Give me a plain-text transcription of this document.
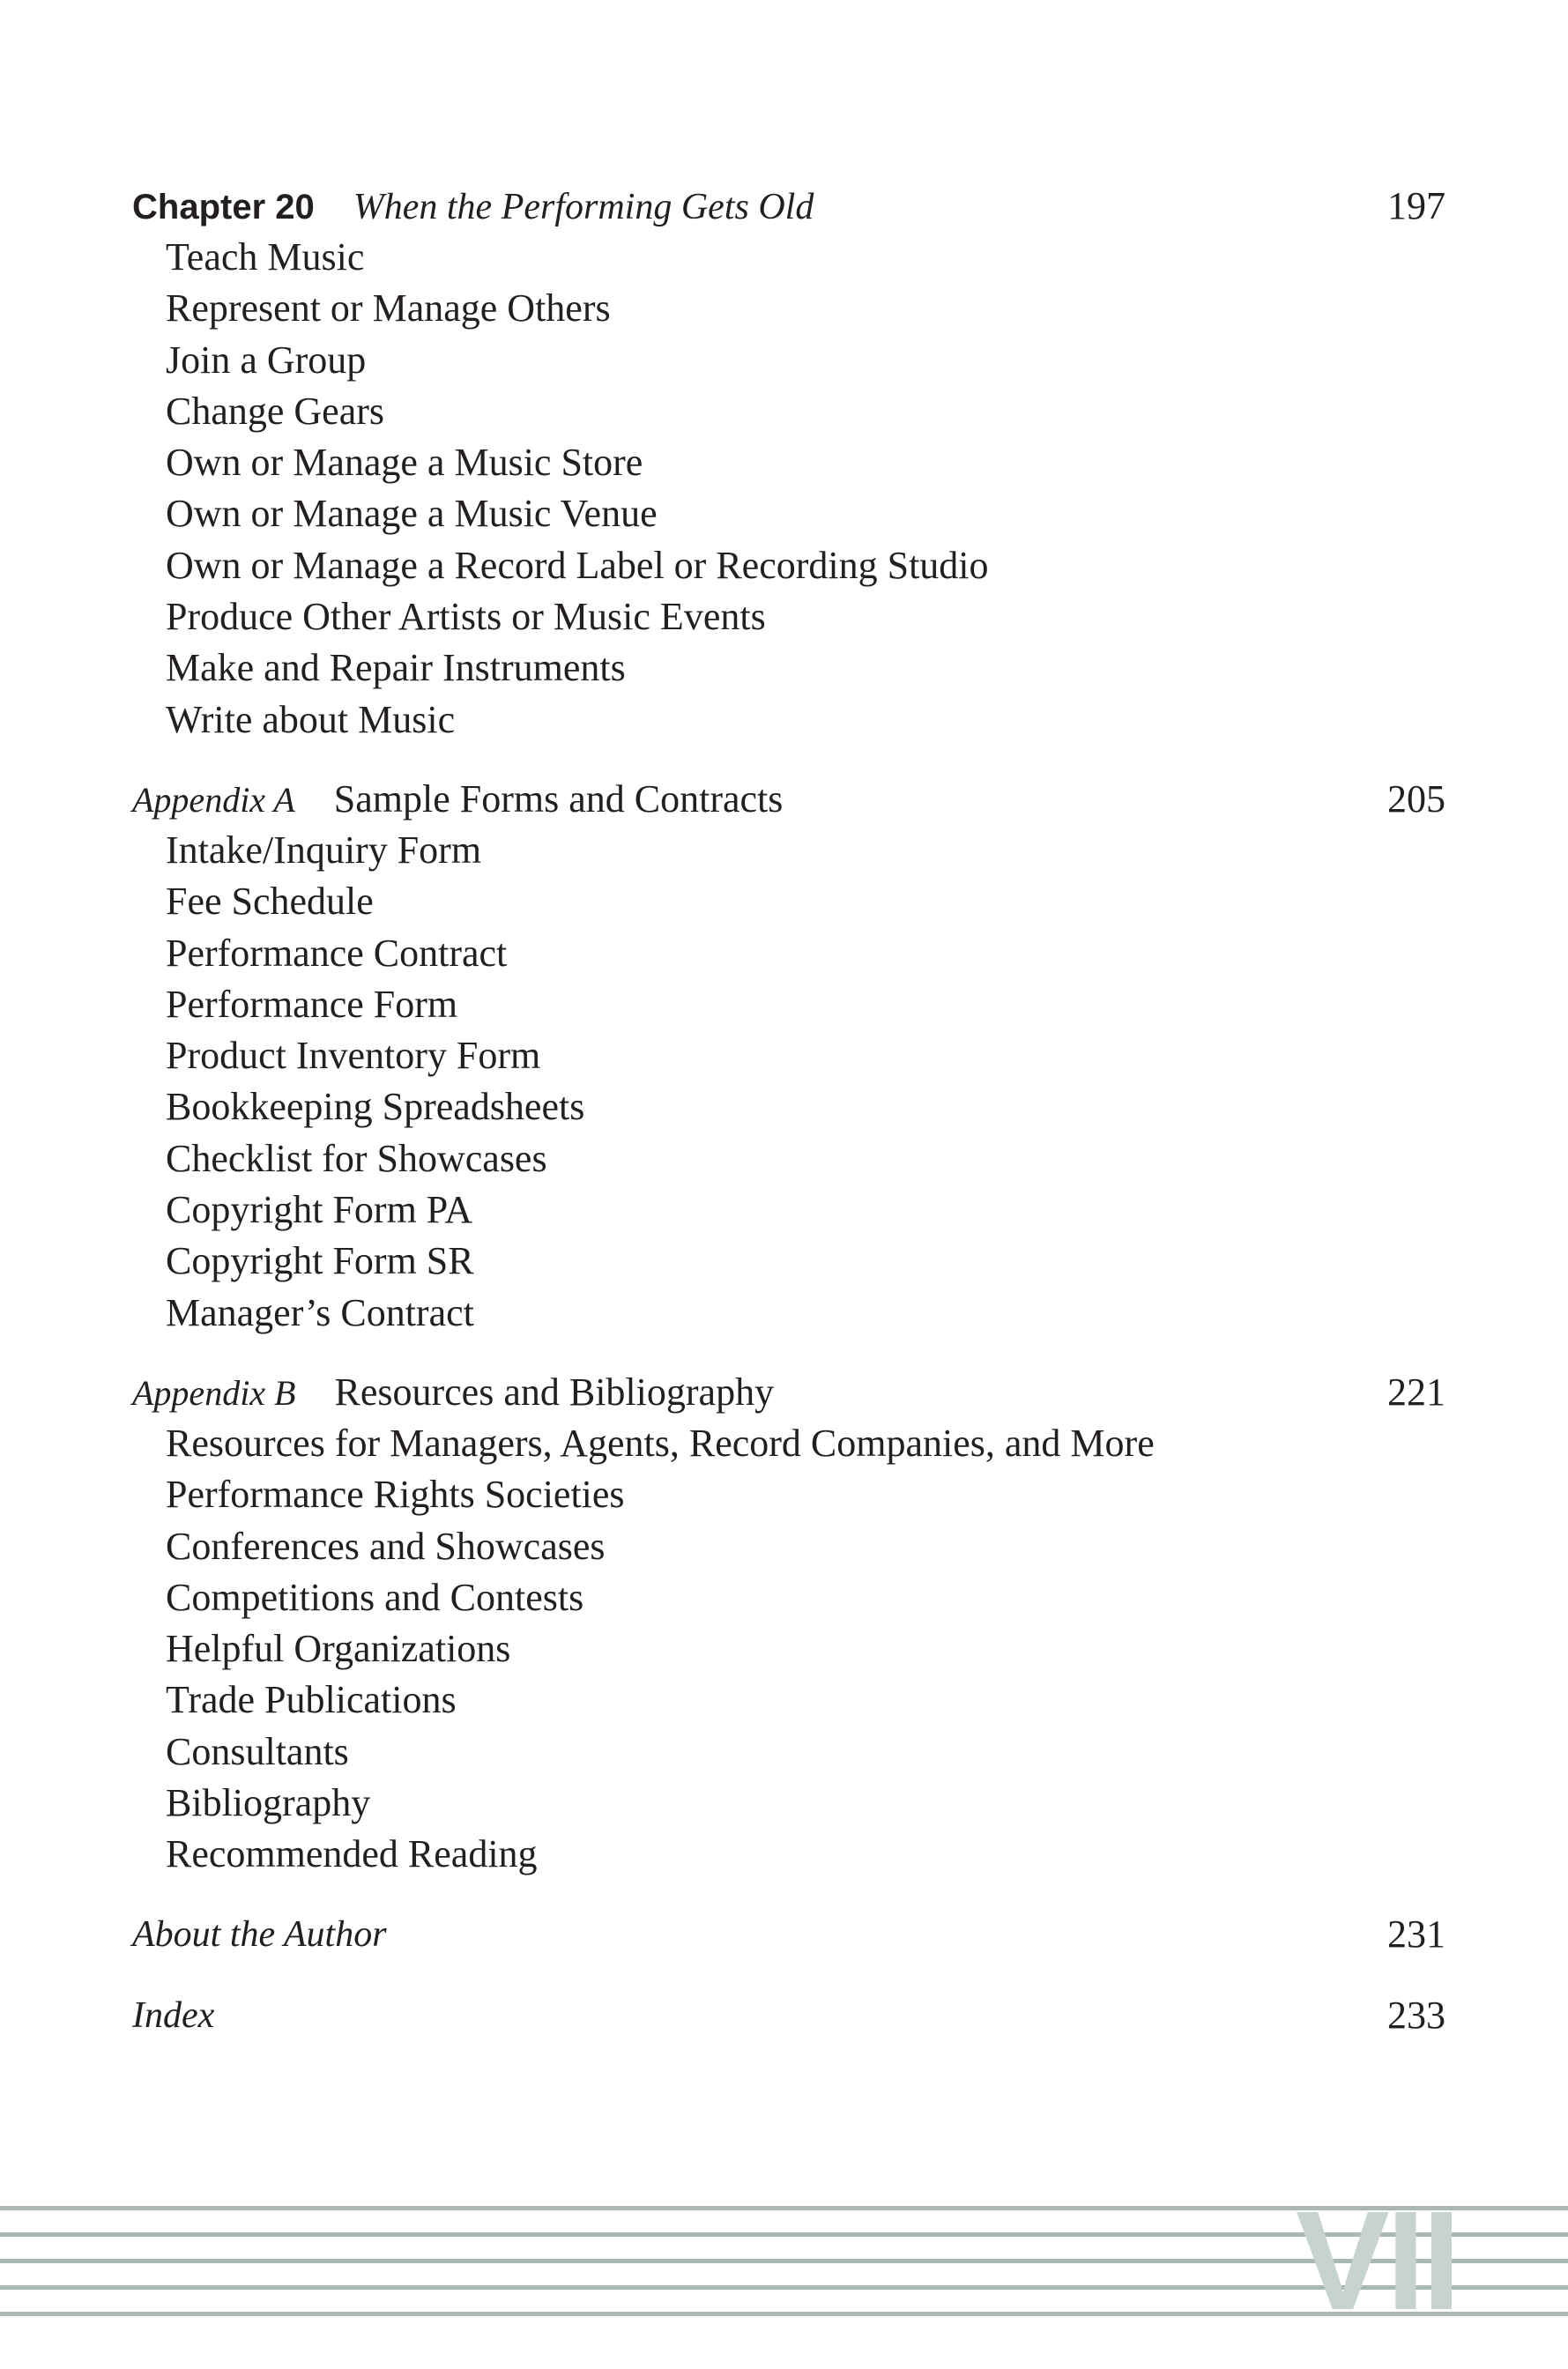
Chapter 20 When the Performing Gets Old	197
Teach Music
Represent or Manage Others
Join a Group
Change Gears
Own or Manage a Music Store
Own or Manage a Music Venue
Own or Manage a Record Label or Recording Studio
Produce Other Artists or Music Events
Make and Repair Instruments
Write about Music
Appendix A Sample Forms and Contracts	205
Intake/Inquiry Form
Fee Schedule
Performance Contract
Performance Form
Product Inventory Form
Bookkeeping Spreadsheets
Checklist for Showcases
Copyright Form PA
Copyright Form SR
Manager’s Contract
Appendix B Resources and Bibliography	221
Resources for Managers, Agents, Record Companies, and More
Performance Rights Societies
Conferences and Showcases
Competitions and Contests
Helpful Organizations
Trade Publications
Consultants
Bibliography
Recommended Reading
About the Author	231
Index	233
VII
